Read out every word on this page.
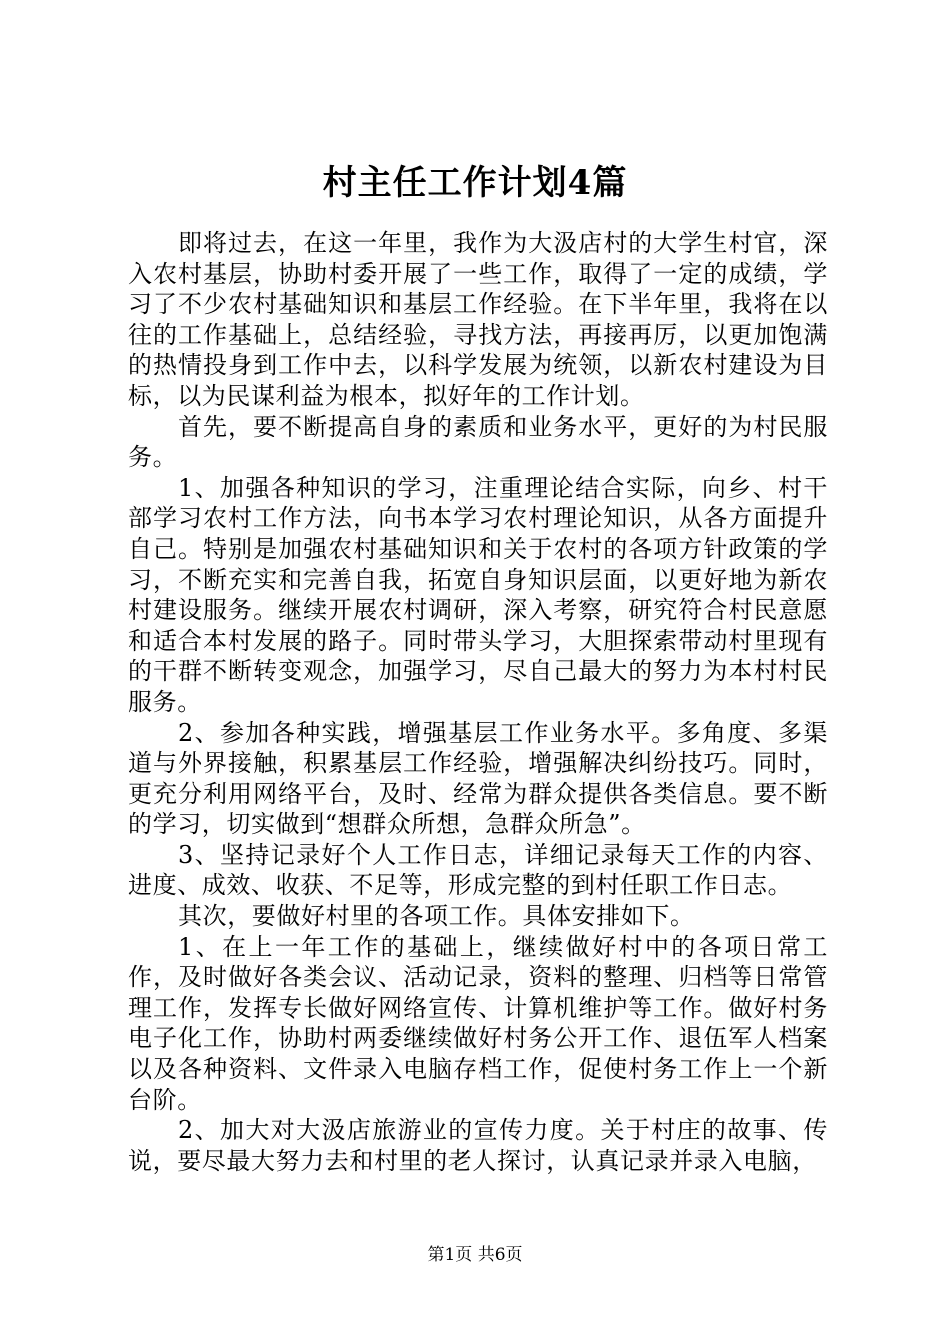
村主任工作计划4篇

即将过去，在这一年里，我作为大汲店村的大学生村官，深入农村基层，协助村委开展了一些工作，取得了一定的成绩，学习了不少农村基础知识和基层工作经验。在下半年里，我将在以往的工作基础上，总结经验，寻找方法，再接再厉，以更加饱满的热情投身到工作中去，以科学发展为统领，以新农村建设为目标，以为民谋利益为根本，拟好年的工作计划。

首先，要不断提高自身的素质和业务水平，更好的为村民服务。

1、加强各种知识的学习，注重理论结合实际，向乡、村干部学习农村工作方法，向书本学习农村理论知识，从各方面提升自己。特别是加强农村基础知识和关于农村的各项方针政策的学习，不断充实和完善自我，拓宽自身知识层面，以更好地为新农村建设服务。继续开展农村调研，深入考察，研究符合村民意愿和适合本村发展的路子。同时带头学习，大胆探索带动村里现有的干群不断转变观念，加强学习，尽自己最大的努力为本村村民服务。

2、参加各种实践，增强基层工作业务水平。多角度、多渠道与外界接触，积累基层工作经验，增强解决纠纷技巧。同时，更充分利用网络平台，及时、经常为群众提供各类信息。要不断的学习，切实做到“想群众所想，急群众所急”。

3、坚持记录好个人工作日志，详细记录每天工作的内容、进度、成效、收获、不足等，形成完整的到村任职工作日志。

其次，要做好村里的各项工作。具体安排如下。

1、在上一年工作的基础上，继续做好村中的各项日常工作，及时做好各类会议、活动记录，资料的整理、归档等日常管理工作，发挥专长做好网络宣传、计算机维护等工作。做好村务电子化工作，协助村两委继续做好村务公开工作、退伍军人档案以及各种资料、文件录入电脑存档工作，促使村务工作上一个新台阶。

2、加大对大汲店旅游业的宣传力度。关于村庄的故事、传说，要尽最大努力去和村里的老人探讨，认真记录并录入电脑，

第1页 共6页
